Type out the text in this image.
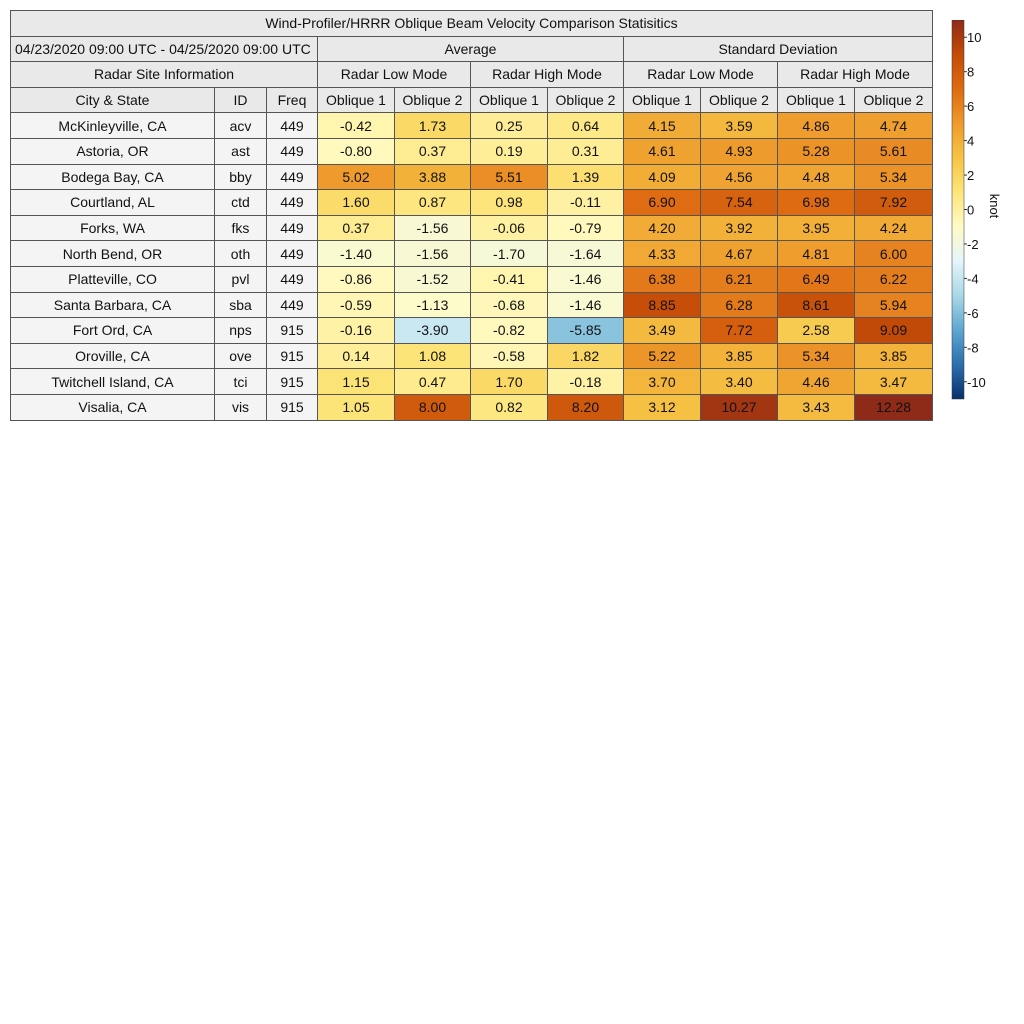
Wind-Profiler/HRRR Oblique Beam Velocity Comparison Statisitics										
04/23/2020 09:00 UTC - 04/25/2020 09:00 UTC			Average				Standard Deviation			
Radar Site Information			Radar Low Mode		Radar High Mode		Radar Low Mode		Radar High Mode	
City & State	ID	Freq	Oblique 1	Oblique 2	Oblique 1	Oblique 2	Oblique 1	Oblique 2	Oblique 1	Oblique 2
McKinleyville, CA	acv	449	-0.42	1.73	0.25	0.64	4.15	3.59	4.86	4.74
Astoria, OR	ast	449	-0.80	0.37	0.19	0.31	4.61	4.93	5.28	5.61
Bodega Bay, CA	bby	449	5.02	3.88	5.51	1.39	4.09	4.56	4.48	5.34
Courtland, AL	ctd	449	1.60	0.87	0.98	-0.11	6.90	7.54	6.98	7.92
Forks, WA	fks	449	0.37	-1.56	-0.06	-0.79	4.20	3.92	3.95	4.24
North Bend, OR	oth	449	-1.40	-1.56	-1.70	-1.64	4.33	4.67	4.81	6.00
Platteville, CO	pvl	449	-0.86	-1.52	-0.41	-1.46	6.38	6.21	6.49	6.22
Santa Barbara, CA	sba	449	-0.59	-1.13	-0.68	-1.46	8.85	6.28	8.61	5.94
Fort Ord, CA	nps	915	-0.16	-3.90	-0.82	-5.85	3.49	7.72	2.58	9.09
Oroville, CA	ove	915	0.14	1.08	-0.58	1.82	5.22	3.85	5.34	3.85
Twitchell Island, CA	tci	915	1.15	0.47	1.70	-0.18	3.70	3.40	4.46	3.47
Visalia, CA	vis	915	1.05	8.00	0.82	8.20	3.12	10.27	3.43	12.28
10
8
6
4
2
0
-2
-4
-6
-8
-10
knot
